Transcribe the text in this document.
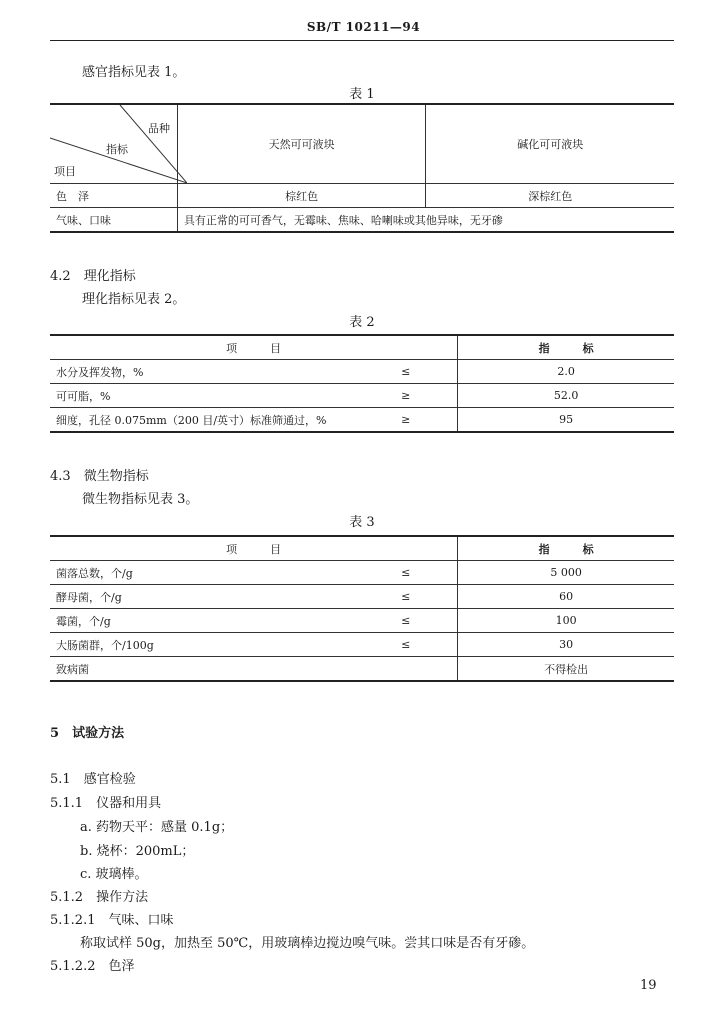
SB/T 10211—94
感官指标见表 1。
表 1
品种
指标
项目	天然可可液块	碱化可可液块
色　泽	棕红色	深棕红色
气味、口味	具有正常的可可香气，无霉味、焦味、哈喇味或其他异味，无牙碜	
4.2　 理化指标
理化指标见表 2。
表 2
项　　　目		指　　　标
水分及挥发物，%	≤		2.0
可可脂，%	≥		52.0
细度，孔径 0.075mm（200 目/英寸）标准筛通过，%	≥		95
4.3　 微生物指标
微生物指标见表 3。
表 3
项　　　目		指　　　标
菌落总数，个/g	≤		5 000
酵母菌，个/g	≤		60
霉菌，个/g	≤		100
大肠菌群，个/100g	≤		30
致病菌			不得检出
5　 试验方法
5.1　 感官检验
5.1.1　 仪器和用具
a. 药物天平：感量 0.1g；
b. 烧杯：200mL；
c. 玻璃棒。
5.1.2　 操作方法
5.1.2.1　 气味、口味
称取试样 50g，加热至 50℃，用玻璃棒边搅边嗅气味。尝其口味是否有牙碜。
5.1.2.2　 色泽
19
